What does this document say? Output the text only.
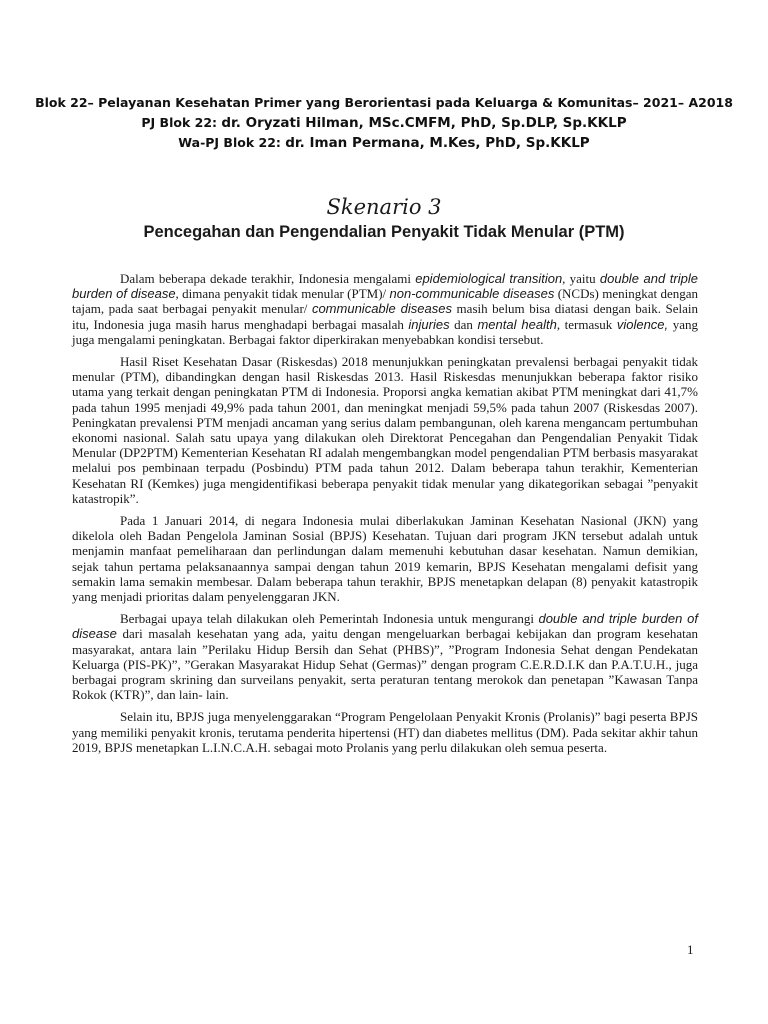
Blok 22– Pelayanan Kesehatan Primer yang Berorientasi pada Keluarga & Komunitas– 2021– A2018
PJ Blok 22: dr. Oryzati Hilman, MSc.CMFM, PhD, Sp.DLP, Sp.KKLP
Wa-PJ Blok 22: dr. Iman Permana, M.Kes, PhD, Sp.KKLP
Skenario 3
Pencegahan dan Pengendalian Penyakit Tidak Menular (PTM)

Dalam beberapa dekade terakhir, Indonesia mengalami epidemiological transition, yaitu double and triple burden of disease, dimana penyakit tidak menular (PTM)/ non-communicable diseases (NCDs) meningkat dengan tajam, pada saat berbagai penyakit menular/ communicable diseases masih belum bisa diatasi dengan baik. Selain itu, Indonesia juga masih harus menghadapi berbagai masalah injuries dan mental health, termasuk violence, yang juga mengalami peningkatan. Berbagai faktor diperkirakan menyebabkan kondisi tersebut.

Hasil Riset Kesehatan Dasar (Riskesdas) 2018 menunjukkan peningkatan prevalensi berbagai penyakit tidak menular (PTM), dibandingkan dengan hasil Riskesdas 2013. Hasil Riskesdas menunjukkan beberapa faktor risiko utama yang terkait dengan peningkatan PTM di Indonesia. Proporsi angka kematian akibat PTM meningkat dari 41,7% pada tahun 1995 menjadi 49,9% pada tahun 2001, dan meningkat menjadi 59,5% pada tahun 2007 (Riskesdas 2007). Peningkatan prevalensi PTM menjadi ancaman yang serius dalam pembangunan, oleh karena mengancam pertumbuhan ekonomi nasional. Salah satu upaya yang dilakukan oleh Direktorat Pencegahan dan Pengendalian Penyakit Tidak Menular (DP2PTM) Kementerian Kesehatan RI adalah mengembangkan model pengendalian PTM berbasis masyarakat melalui pos pembinaan terpadu (Posbindu) PTM pada tahun 2012. Dalam beberapa tahun terakhir, Kementerian Kesehatan RI (Kemkes) juga mengidentifikasi beberapa penyakit tidak menular yang dikategorikan sebagai ”penyakit katastropik”.

Pada 1 Januari 2014, di negara Indonesia mulai diberlakukan Jaminan Kesehatan Nasional (JKN) yang dikelola oleh Badan Pengelola Jaminan Sosial (BPJS) Kesehatan. Tujuan dari program JKN tersebut adalah untuk menjamin manfaat pemeliharaan dan perlindungan dalam memenuhi kebutuhan dasar kesehatan. Namun demikian, sejak tahun pertama pelaksanaannya sampai dengan tahun 2019 kemarin, BPJS Kesehatan mengalami defisit yang semakin lama semakin membesar. Dalam beberapa tahun terakhir, BPJS menetapkan delapan (8) penyakit katastropik yang menjadi prioritas dalam penyelenggaran JKN.

Berbagai upaya telah dilakukan oleh Pemerintah Indonesia untuk mengurangi double and triple burden of disease dari masalah kesehatan yang ada, yaitu dengan mengeluarkan berbagai kebijakan dan program kesehatan masyarakat, antara lain ”Perilaku Hidup Bersih dan Sehat (PHBS)”, ”Program Indonesia Sehat dengan Pendekatan Keluarga (PIS-PK)”, ”Gerakan Masyarakat Hidup Sehat (Germas)” dengan program C.E.R.D.I.K dan P.A.T.U.H., juga berbagai program skrining dan surveilans penyakit, serta peraturan tentang merokok dan penetapan ”Kawasan Tanpa Rokok (KTR)”, dan lain- lain.

Selain itu, BPJS juga menyelenggarakan “Program Pengelolaan Penyakit Kronis (Prolanis)” bagi peserta BPJS yang memiliki penyakit kronis, terutama penderita hipertensi (HT) dan diabetes mellitus (DM). Pada sekitar akhir tahun 2019, BPJS menetapkan L.I.N.C.A.H. sebagai moto Prolanis yang perlu dilakukan oleh semua peserta.

1
